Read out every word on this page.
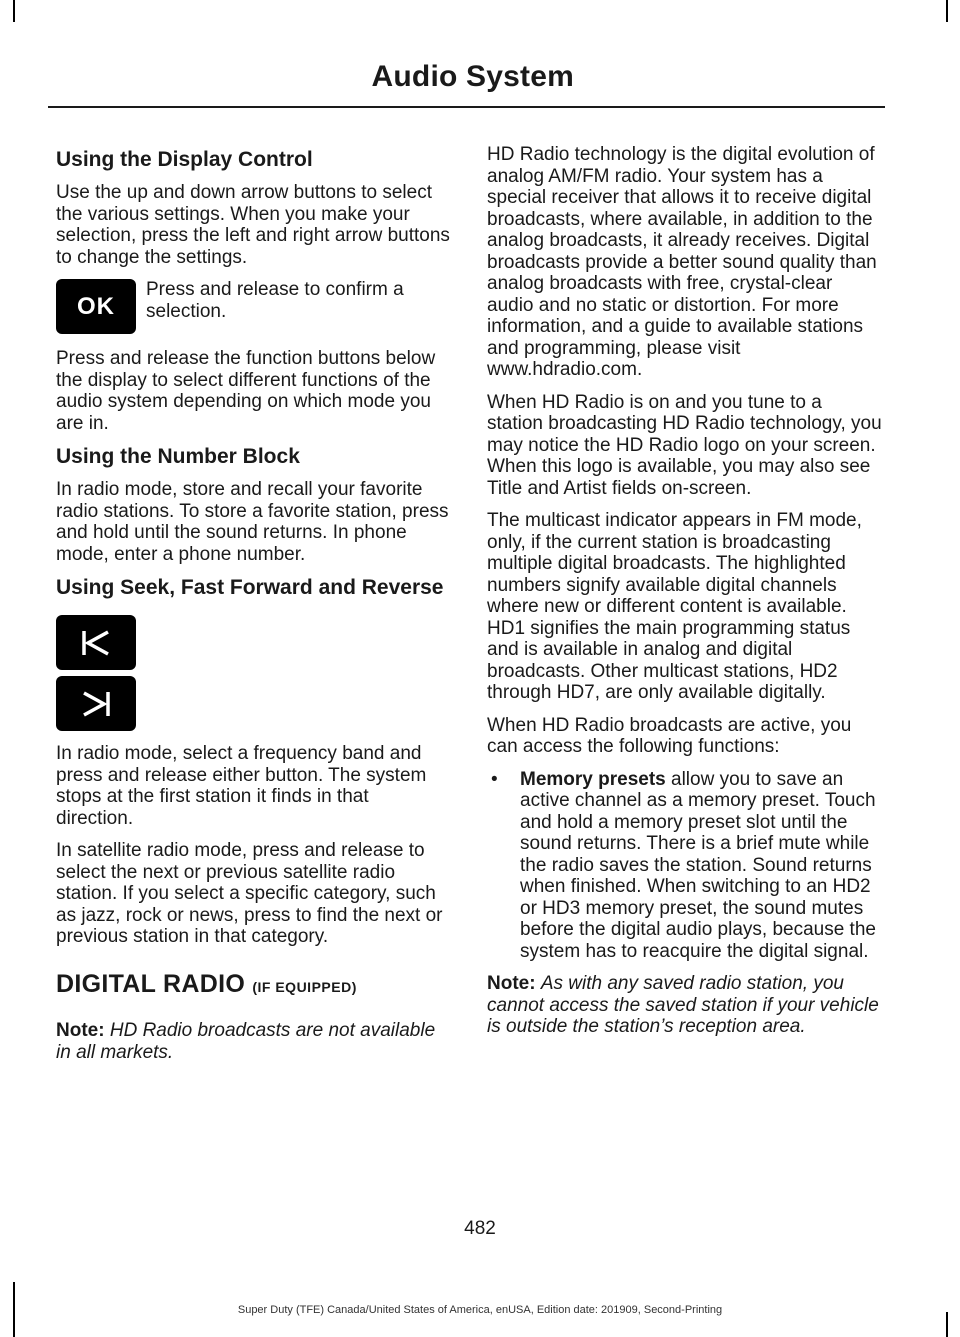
Audio System
Using the Display Control

Use the up and down arrow buttons to select the various settings. When you make your selection, press the left and right arrow buttons to change the settings.

OK
Press and release to confirm a selection.

Press and release the function buttons below the display to select different functions of the audio system depending on which mode you are in.

Using the Number Block

In radio mode, store and recall your favorite radio stations. To store a favorite station, press and hold until the sound returns. In phone mode, enter a phone number.

Using Seek, Fast Forward and Reverse

In radio mode, select a frequency band and press and release either button. The system stops at the first station it finds in that direction.

In satellite radio mode, press and release to select the next or previous satellite radio station. If you select a specific category, such as jazz, rock or news, press to find the next or previous station in that category.

DIGITAL RADIO (IF EQUIPPED)

Note: HD Radio broadcasts are not available in all markets.

HD Radio technology is the digital evolution of analog AM/FM radio. Your system has a special receiver that allows it to receive digital broadcasts, where available, in addition to the analog broadcasts, it already receives. Digital broadcasts provide a better sound quality than analog broadcasts with free, crystal-clear audio and no static or distortion. For more information, and a guide to available stations and programming, please visit www.hdradio.com.

When HD Radio is on and you tune to a station broadcasting HD Radio technology, you may notice the HD Radio logo on your screen. When this logo is available, you may also see Title and Artist fields on-screen.

The multicast indicator appears in FM mode, only, if the current station is broadcasting multiple digital broadcasts. The highlighted numbers signify available digital channels where new or different content is available. HD1 signifies the main programming status and is available in analog and digital broadcasts. Other multicast stations, HD2 through HD7, are only available digitally.

When HD Radio broadcasts are active, you can access the following functions:

•	Memory presets allow you to save an active channel as a memory preset. Touch and hold a memory preset slot until the sound returns. There is a brief mute while the radio saves the station. Sound returns when finished. When switching to an HD2 or HD3 memory preset, the sound mutes before the digital audio plays, because the system has to reacquire the digital signal.

Note: As with any saved radio station, you cannot access the saved station if your vehicle is outside the station’s reception area.

482
Super Duty (TFE) Canada/United States of America, enUSA, Edition date: 201909, Second-Printing
